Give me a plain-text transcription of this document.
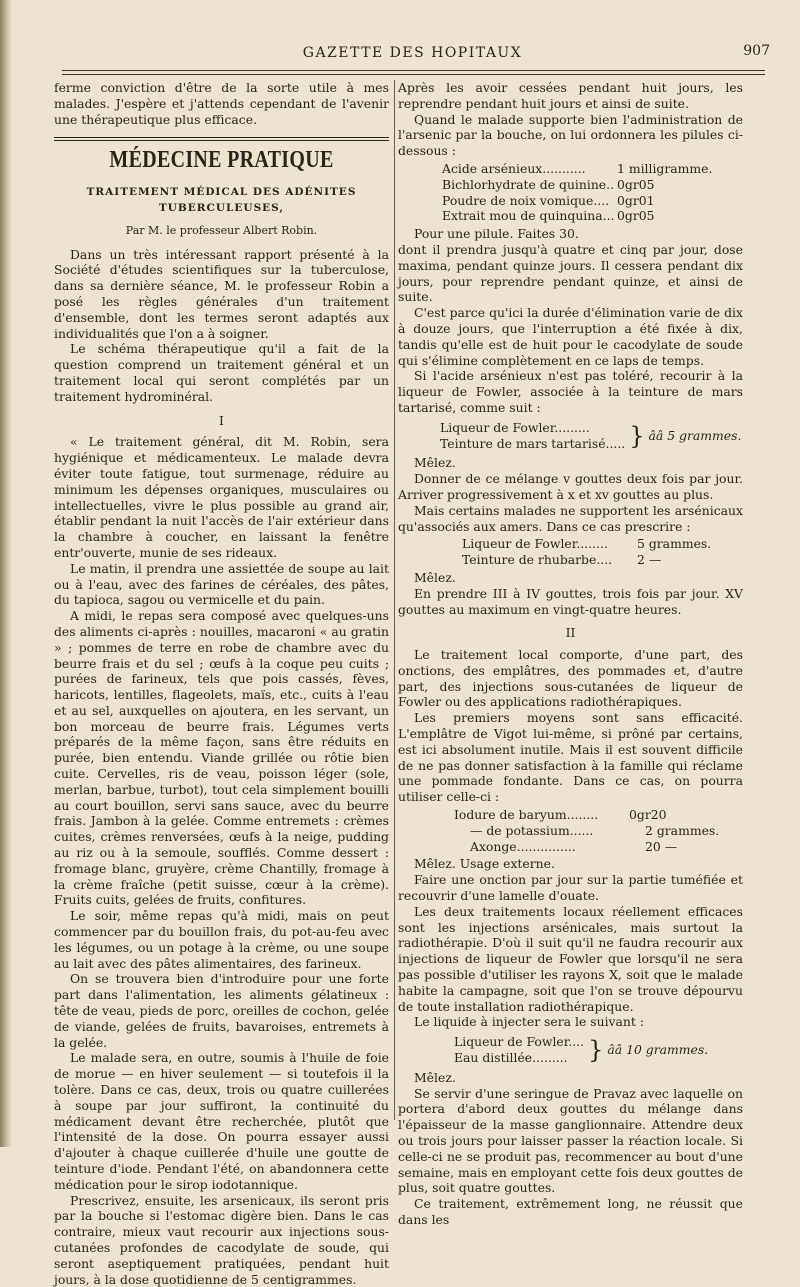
GAZETTE DES HOPITAUX	907

ferme conviction d'être de la sorte utile à mes malades. J'espère et j'attends cependant de l'avenir une thérapeutique plus efficace.

MÉDECINE PRATIQUE
TRAITEMENT MÉDICAL DES ADÉNITES TUBERCULEUSES,
Par M. le professeur Albert Robin.

Dans un très intéressant rapport présenté à la Société d'études scientifiques sur la tuberculose, dans sa dernière séance, M. le professeur Robin a posé les règles générales d'un traitement d'ensemble, dont les termes seront adaptés aux individualités que l'on a à soigner.

Le schéma thérapeutique qu'il a fait de la question comprend un traitement général et un traitement local qui seront complétés par un traitement hydrominéral.

I

« Le traitement général, dit M. Robin, sera hygiénique et médicamenteux. Le malade devra éviter toute fatigue, tout surmenage, réduire au minimum les dépenses organiques, musculaires ou intellectuelles, vivre le plus possible au grand air, établir pendant la nuit l'accès de l'air extérieur dans la chambre à coucher, en laissant la fenêtre entr'ouverte, munie de ses rideaux.

Le matin, il prendra une assiettée de soupe au lait ou à l'eau, avec des farines de céréales, des pâtes, du tapioca, sagou ou vermicelle et du pain.

A midi, le repas sera composé avec quelques-uns des aliments ci-après : nouilles, macaroni « au gratin » ; pommes de terre en robe de chambre avec du beurre frais et du sel ; œufs à la coque peu cuits ; purées de farineux, tels que pois cassés, fèves, haricots, lentilles, flageolets, maïs, etc., cuits à l'eau et au sel, auxquelles on ajoutera, en les servant, un bon morceau de beurre frais. Légumes verts préparés de la même façon, sans être réduits en purée, bien entendu. Viande grillée ou rôtie bien cuite. Cervelles, ris de veau, poisson léger (sole, merlan, barbue, turbot), tout cela simplement bouilli au court bouillon, servi sans sauce, avec du beurre frais. Jambon à la gelée. Comme entremets : crèmes cuites, crèmes renversées, œufs à la neige, pudding au riz ou à la semoule, soufflés. Comme dessert : fromage blanc, gruyère, crème Chantilly, fromage à la crème fraîche (petit suisse, cœur à la crème). Fruits cuits, gelées de fruits, confitures.

Le soir, même repas qu'à midi, mais on peut commencer par du bouillon frais, du pot-au-feu avec les légumes, ou un potage à la crème, ou une soupe au lait avec des pâtes alimentaires, des farineux.

On se trouvera bien d'introduire pour une forte part dans l'alimentation, les aliments gélatineux : tête de veau, pieds de porc, oreilles de cochon, gelée de viande, gelées de fruits, bavaroises, entremets à la gelée.

Le malade sera, en outre, soumis à l'huile de foie de morue — en hiver seulement — si toutefois il la tolère. Dans ce cas, deux, trois ou quatre cuillerées à soupe par jour suffiront, la continuité du médicament devant être recherchée, plutôt que l'intensité de la dose. On pourra essayer aussi d'ajouter à chaque cuillerée d'huile une goutte de teinture d'iode. Pendant l'été, on abandonnera cette médication pour le sirop iodotannique.

Prescrivez, ensuite, les arsenicaux, ils seront pris par la bouche si l'estomac digère bien. Dans le cas contraire, mieux vaut recourir aux injections sous-cutanées profondes de cacodylate de soude, qui seront aseptiquement pratiquées, pendant huit jours, à la dose quotidienne de 5 centigrammes.

Après les avoir cessées pendant huit jours, les reprendre pendant huit jours et ainsi de suite.

Quand le malade supporte bien l'administration de l'arsenic par la bouche, on lui ordonnera les pilules ci-dessous :

Acide arsénieux...........	1 milligramme.
Bichlorhydrate de quinine.. 0gr05
Poudre de noix vomique.... 0gr01
Extrait mou de quinquina... 0gr05

Pour une pilule. Faites 30.

dont il prendra jusqu'à quatre et cinq par jour, dose maxima, pendant quinze jours. Il cessera pendant dix jours, pour reprendre pendant quinze, et ainsi de suite.

C'est parce qu'ici la durée d'élimination varie de dix à douze jours, que l'interruption a été fixée à dix, tandis qu'elle est de huit pour le cacodylate de soude qui s'élimine complètement en ce laps de temps.

Si l'acide arsénieux n'est pas toléré, recourir à la liqueur de Fowler, associée à la teinture de mars tartarisé, comme suit :

Liqueur de Fowler.........
Teinture de mars tartarisé..... } ââ 5 grammes.

Mêlez.

Donner de ce mélange v gouttes deux fois par jour. Arriver progressivement à x et xv gouttes au plus.

Mais certains malades ne supportent les arsénicaux qu'associés aux amers. Dans ce cas prescrire :

Liqueur de Fowler........	5 grammes.
Teinture de rhubarbe....	2 —

Mêlez.

En prendre III à IV gouttes, trois fois par jour. XV gouttes au maximum en vingt-quatre heures.

II

Le traitement local comporte, d'une part, des onctions, des emplâtres, des pommades et, d'autre part, des injections sous-cutanées de liqueur de Fowler ou des applications radiothérapiques.

Les premiers moyens sont sans efficacité. L'emplâtre de Vigot lui-même, si prôné par certains, est ici absolument inutile. Mais il est souvent difficile de ne pas donner satisfaction à la famille qui réclame une pommade fondante. Dans ce cas, on pourra utiliser celle-ci :

Iodure de baryum........	0gr20
— de potassium......	2 grammes.
Axonge...............	20 —

Mêlez. Usage externe.

Faire une onction par jour sur la partie tuméfiée et recouvrir d'une lamelle d'ouate.

Les deux traitements locaux réellement efficaces sont les injections arsénicales, mais surtout la radiothérapie. D'où il suit qu'il ne faudra recourir aux injections de liqueur de Fowler que lorsqu'il ne sera pas possible d'utiliser les rayons X, soit que le malade habite la campagne, soit que l'on se trouve dépourvu de toute installation radiothérapique.

Le liquide à injecter sera le suivant :

Liqueur de Fowler....
Eau distillée......... } ââ 10 grammes.

Mêlez.

Se servir d'une seringue de Pravaz avec laquelle on portera d'abord deux gouttes du mélange dans l'épaisseur de la masse ganglionnaire. Attendre deux ou trois jours pour laisser passer la réaction locale. Si celle-ci ne se produit pas, recommencer au bout d'une semaine, mais en employant cette fois deux gouttes de plus, soit quatre gouttes.

Ce traitement, extrêmement long, ne réussit que dans les
